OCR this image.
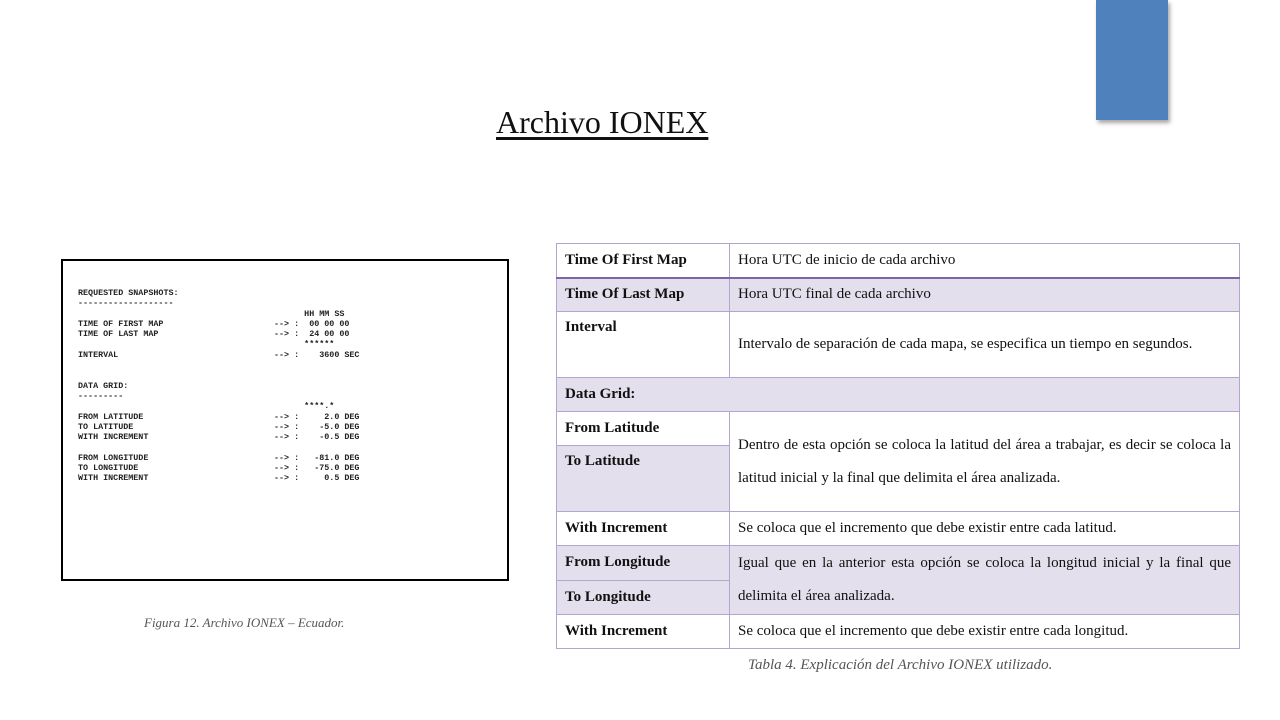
Archivo IONEX
REQUESTED SNAPSHOTS:
-------------------
HH MM SS
TIME OF FIRST MAP                      --> :  00 00 00
TIME OF LAST MAP                       --> :  24 00 00
******
INTERVAL                               --> :    3600 SEC

DATA GRID:
---------
****.*
FROM LATITUDE                          --> :     2.0 DEG
TO LATITUDE                            --> :    -5.0 DEG
WITH INCREMENT                         --> :    -0.5 DEG

FROM LONGITUDE                         --> :   -81.0 DEG
TO LONGITUDE                           --> :   -75.0 DEG
WITH INCREMENT                         --> :     0.5 DEG
Figura 12. Archivo IONEX – Ecuador.
Time Of First Map	Hora UTC de inicio de cada archivo
Time Of Last Map	Hora UTC final de cada archivo
Interval	Intervalo de separación de cada mapa, se especifica un tiempo en segundos.
Data Grid:	
From Latitude	Dentro de esta opción se coloca la latitud del área a trabajar, es decir se coloca la latitud inicial y la final que delimita el área analizada.
To Latitude	
With Increment	Se coloca que el incremento que debe existir entre cada latitud.
From Longitude	Igual que en la anterior esta opción se coloca la longitud inicial y la final que delimita el área analizada.
To Longitude	
With Increment	Se coloca que el incremento que debe existir entre cada longitud.
Tabla 4. Explicación del Archivo IONEX utilizado.
